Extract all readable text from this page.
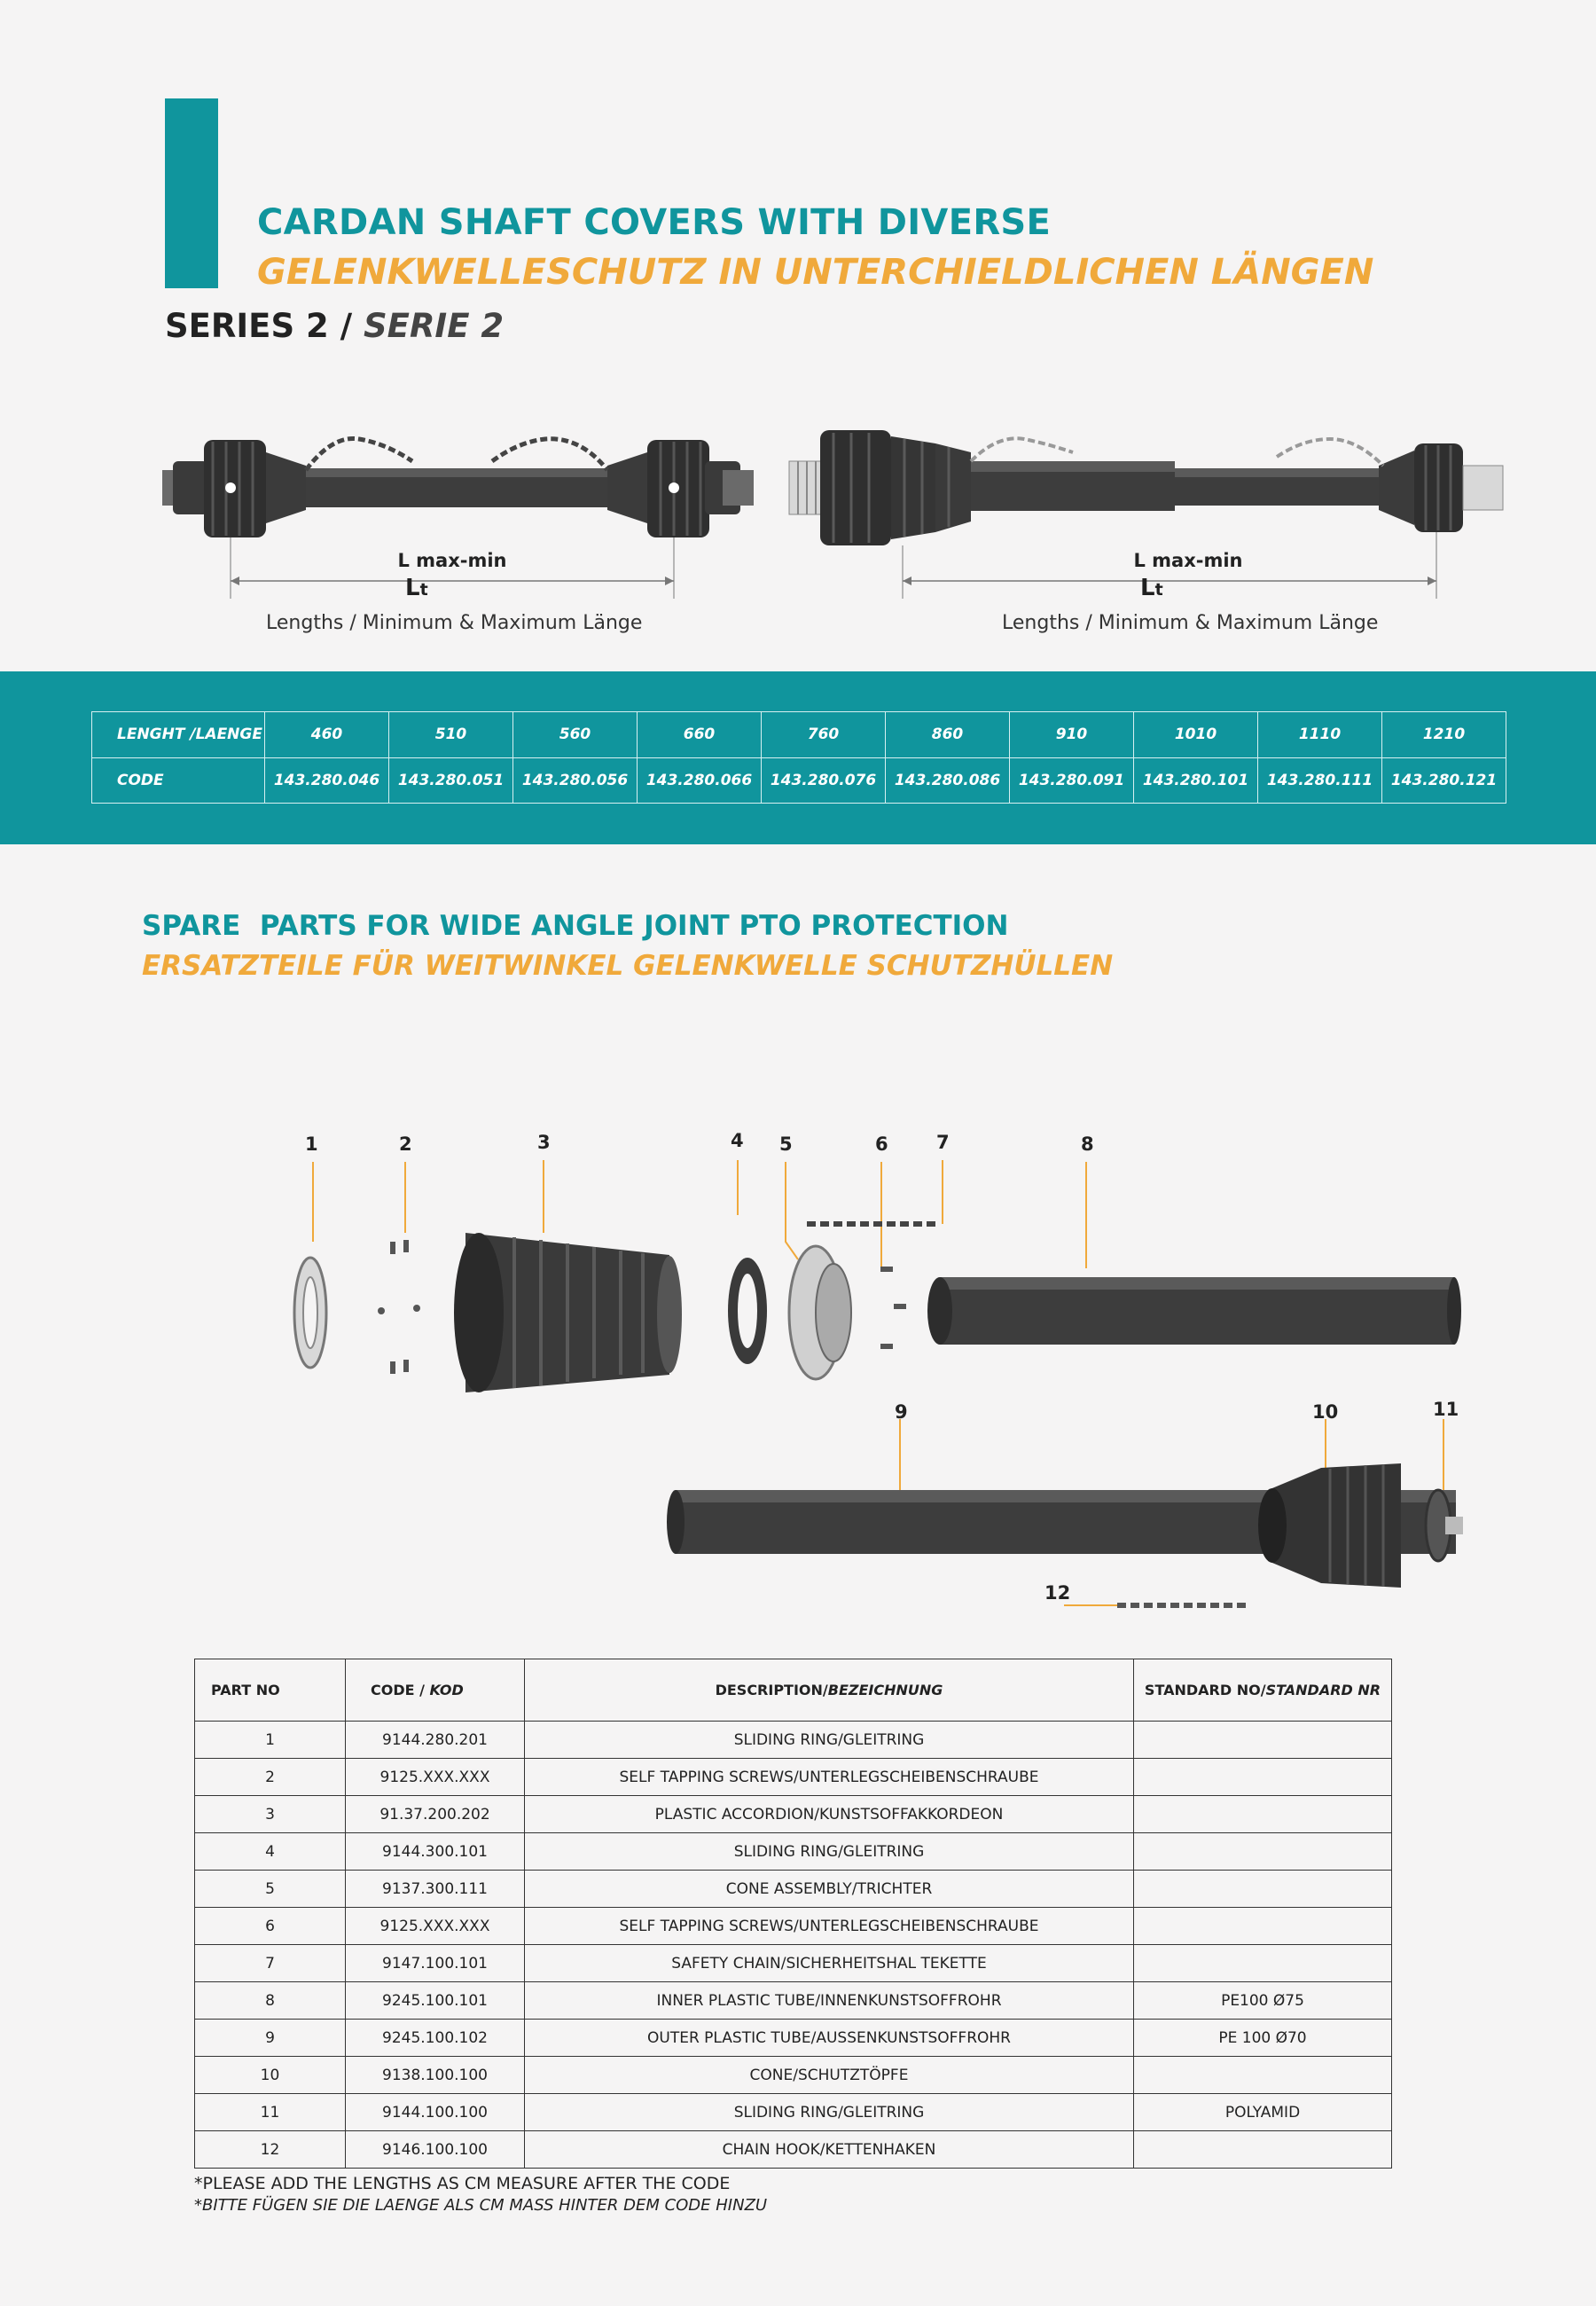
CARDAN SHAFT COVERS WITH DIVERSE
GELENKWELLESCHUTZ IN UNTERCHIELDLICHEN LÄNGEN
SERIES 2 / SERIE 2
L max-min
Lt
Lengths / Minimum & Maximum Länge
L max-min
Lt
Lengths / Minimum & Maximum Länge
LENGHT /LAENGE	460	510	560	660	760	860	910	1010	1110	1210
CODE	143.280.046	143.280.051	143.280.056	143.280.066	143.280.076	143.280.086	143.280.091	143.280.101	143.280.111	143.280.121
SPARE  PARTS FOR WIDE ANGLE JOINT PTO PROTECTION
ERSATZTEILE FÜR WEITWINKEL GELENKWELLE SCHUTZHÜLLEN
1	2	3	4 5	6	7	8
9	10	11
12
PART NO	CODE / KOD	DESCRIPTION/BEZEICHNUNG	STANDARD NO/STANDARD NR
1	9144.280.201	SLIDING RING/GLEITRING	
2	9125.XXX.XXX	SELF TAPPING SCREWS/UNTERLEGSCHEIBENSCHRAUBE	
3	91.37.200.202	PLASTIC ACCORDION/KUNSTSOFFAKKORDEON	
4	9144.300.101	SLIDING RING/GLEITRING	
5	9137.300.111	CONE ASSEMBLY/TRICHTER	
6	9125.XXX.XXX	SELF TAPPING SCREWS/UNTERLEGSCHEIBENSCHRAUBE	
7	9147.100.101	SAFETY CHAIN/SICHERHEITSHAL TEKETTE	
8	9245.100.101	INNER PLASTIC TUBE/INNENKUNSTSOFFROHR	PE100 Ø75
9	9245.100.102	OUTER PLASTIC TUBE/AUSSENKUNSTSOFFROHR	PE 100 Ø70
10	9138.100.100	CONE/SCHUTZTÖPFE	
11	9144.100.100	SLIDING RING/GLEITRING	POLYAMID
12	9146.100.100	CHAIN HOOK/KETTENHAKEN	
*PLEASE ADD THE LENGTHS AS CM MEASURE AFTER THE CODE
*BITTE FÜGEN SIE DIE LAENGE ALS CM MASS HINTER DEM CODE HINZU
